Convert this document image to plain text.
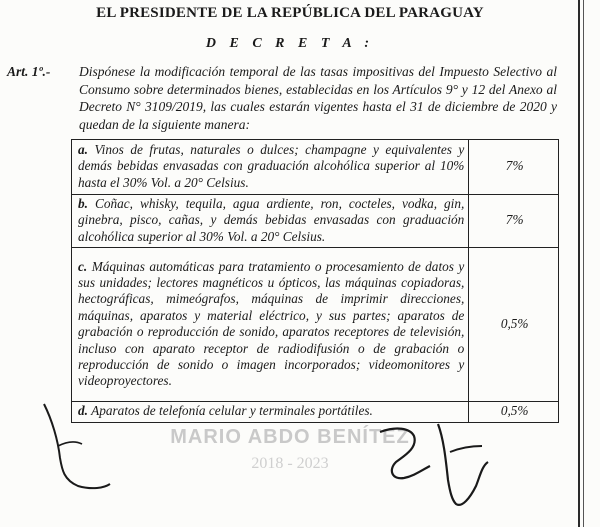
EL PRESIDENTE DE LA REPÚBLICA DEL PARAGUAY
D E C R E T A :
Art. 1º.- Dispónese la modificación temporal de las tasas impositivas del Impuesto Selectivo al Consumo sobre determinados bienes, establecidas en los Artículos 9° y 12 del Anexo al Decreto N° 3109/2019, las cuales estarán vigentes hasta el 31 de diciembre de 2020 y quedan de la siguiente manera:
a. Vinos de frutas, naturales o dulces; champagne y equivalentes y demás bebidas envasadas con graduación alcohólica superior al 10% hasta el 30% Vol. a 20° Celsius.	7%
b. Coñac, whisky, tequila, agua ardiente, ron, cocteles, vodka, gin, ginebra, pisco, cañas, y demás bebidas envasadas con graduación alcohólica superior al 30% Vol. a 20° Celsius.	7%
c. Máquinas automáticas para tratamiento o procesamiento de datos y sus unidades; lectores magnéticos u ópticos, las máquinas copiadoras, hectográficas, mimeógrafos, máquinas de imprimir direcciones, máquinas, aparatos y material eléctrico, y sus partes; aparatos de grabación o reproducción de sonido, aparatos receptores de televisión, incluso con aparato receptor de radiodifusión o de grabación o reproducción de sonido o imagen incorporados; videomonitores y videoproyectores.	0,5%
d. Aparatos de telefonía celular y terminales portátiles.	0,5%
MARIO ABDO BENÍTEZ
2018 - 2023
